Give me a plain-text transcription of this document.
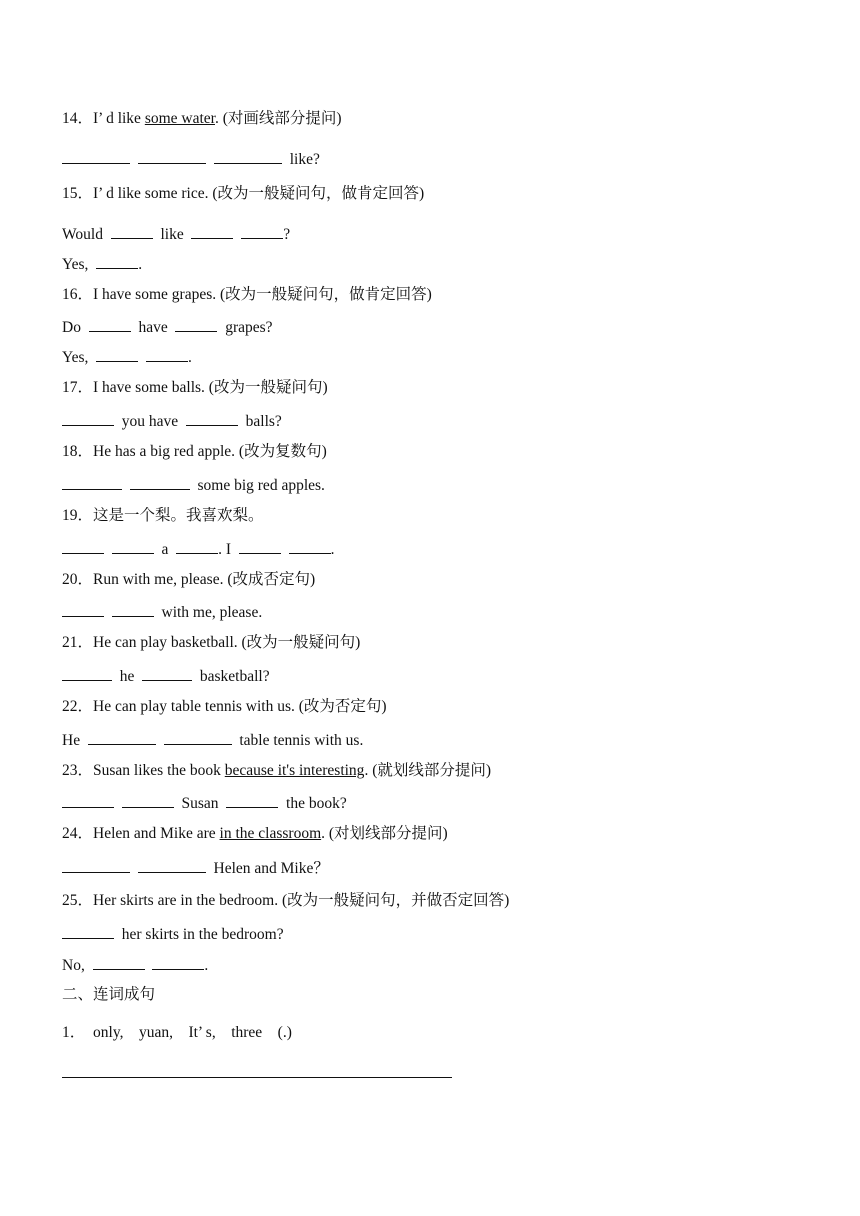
14．I’ d like some water. (对画线部分提问)
like?
15．I’ d like some rice. (改为一般疑问句，做肯定回答)
Would	like	?
Yes,	.
16．I have some grapes. (改为一般疑问句，做肯定回答)
Do	have	grapes?
Yes,	.
17．I have some balls. (改为一般疑问句)
you have	balls?
18．He has a big red apple. (改为复数句)
some big red apples.
19．这是一个梨。我喜欢梨。
a	. I	.
20．Run with me, please. (改成否定句)
with me, please.
21．He can play basketball. (改为一般疑问句)
he	basketball?
22．He can play table tennis with us. (改为否定句)
He	table tennis with us.
23．Susan likes the book because it's interesting. (就划线部分提问)
Susan	the book?
24．Helen and Mike are in the classroom. (对划线部分提问)
Helen and Mike？
25．Her skirts are in the bedroom. (改为一般疑问句，并做否定回答)
her skirts in the bedroom?
No,	.
二、连词成句
1． only,    yuan,    It’ s,    three    (.)
